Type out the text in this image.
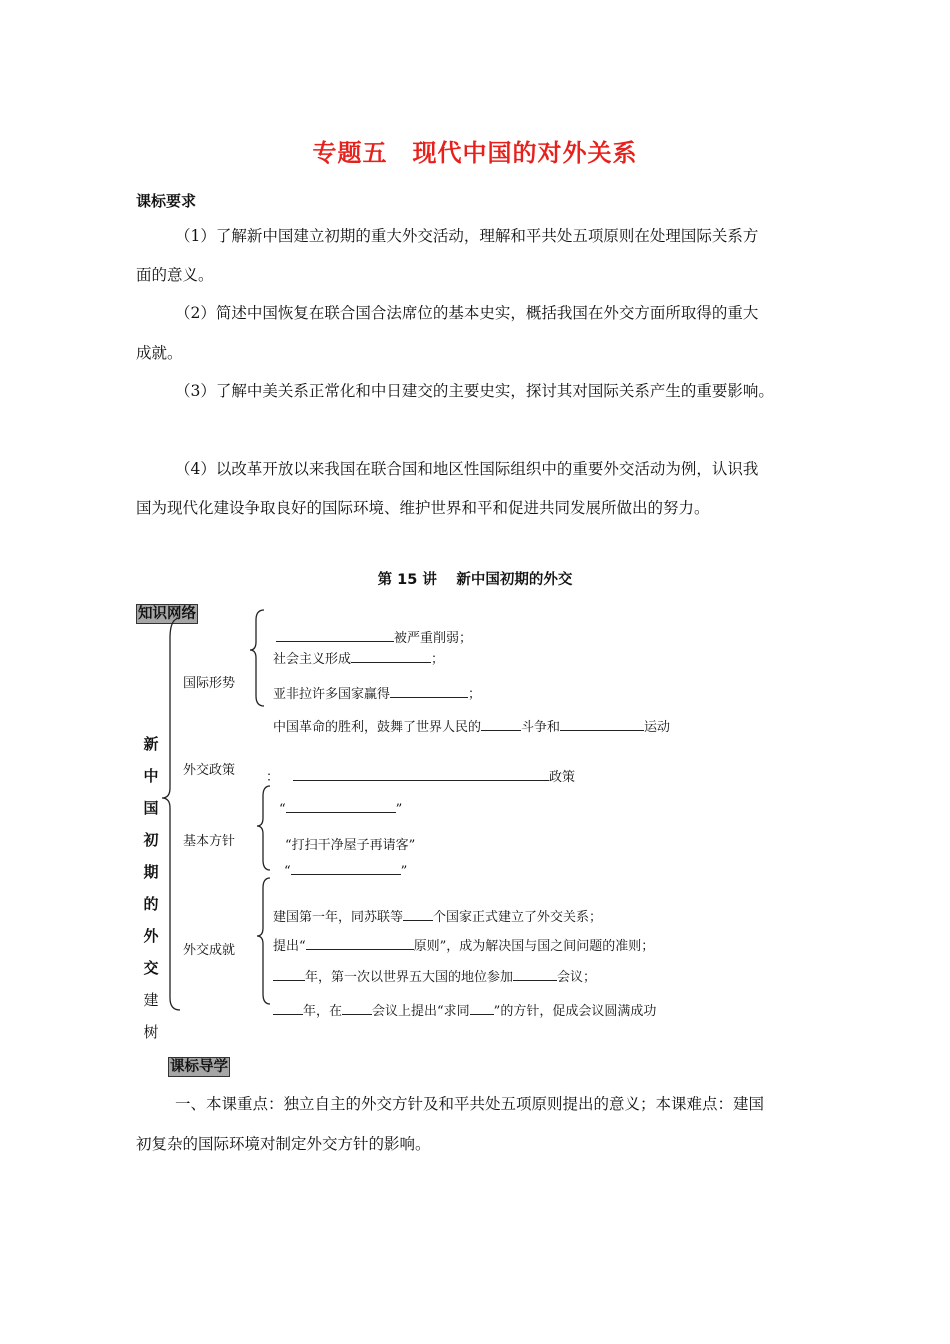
专题五　现代中国的对外关系
课标要求
（1）了解新中国建立初期的重大外交活动，理解和平共处五项原则在处理国际关系方
面的意义。
（2）简述中国恢复在联合国合法席位的基本史实，概括我国在外交方面所取得的重大
成就。
（3）了解中美关系正常化和中日建交的主要史实，探讨其对国际关系产生的重要影响。
（4）以改革开放以来我国在联合国和地区性国际组织中的重要外交活动为例，认识我
国为现代化建设争取良好的国际环境、维护世界和平和促进共同发展所做出的努力。
第 15 讲　 新中国初期的外交
知识网络
新
中
国
初
期
的
外
交
建
树
国际形势
外交政策
基本方针
外交成就
被严重削弱；
社会主义形成	；
亚非拉许多国家赢得	；
中国革命的胜利，鼓舞了世界人民的	斗争和	运动
：	政策
“	”
“打扫干净屋子再请客”
“	”
建国第一年，同苏联等 个国家正式建立了外交关系；
提出“	原则”，成为解决国与国之间问题的准则；
年，第一次以世界五大国的地位参加	会议；
年，在 会议上提出“求同 ”的方针，促成会议圆满成功
课标导学
一、本课重点：独立自主的外交方针及和平共处五项原则提出的意义；本课难点：建国
初复杂的国际环境对制定外交方针的影响。
